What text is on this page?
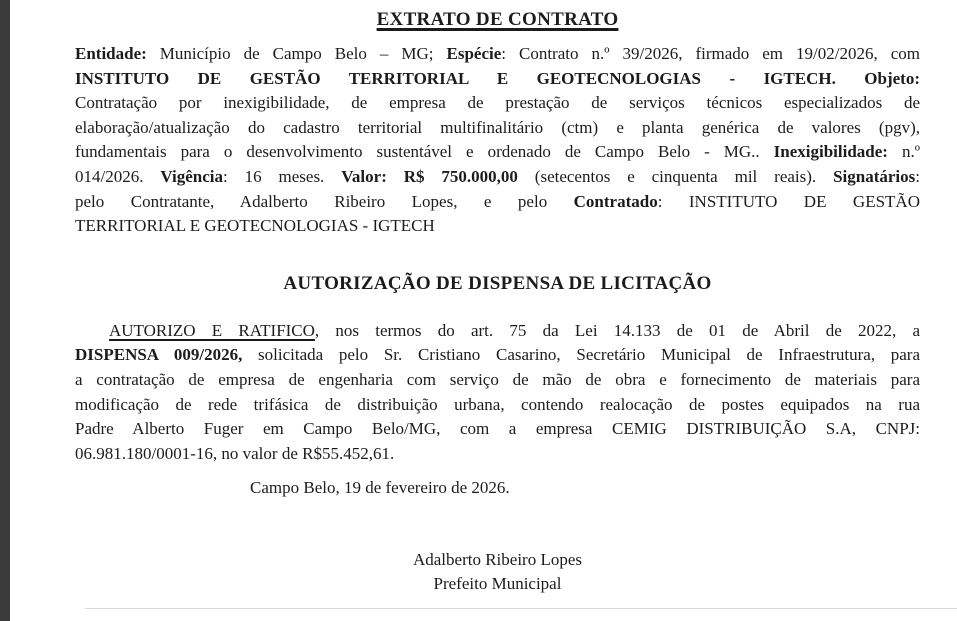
EXTRATO DE CONTRATO
Entidade: Município de Campo Belo – MG; Espécie: Contrato n.º 39/2026, firmado em 19/02/2026, com
INSTITUTO DE GESTÃO TERRITORIAL E GEOTECNOLOGIAS - IGTECH. Objeto:
Contratação por inexigibilidade, de empresa de prestação de serviços técnicos especializados de
elaboração/atualização do cadastro territorial multifinalitário (ctm) e planta genérica de valores (pgv),
fundamentais para o desenvolvimento sustentável e ordenado de Campo Belo - MG.. Inexigibilidade: n.º
014/2026. Vigência: 16 meses. Valor: R$ 750.000,00 (setecentos e cinquenta mil reais). Signatários:
pelo Contratante, Adalberto Ribeiro Lopes, e pelo Contratado: INSTITUTO DE GESTÃO
TERRITORIAL E GEOTECNOLOGIAS - IGTECH
AUTORIZAÇÃO DE DISPENSA DE LICITAÇÃO
AUTORIZO E RATIFICO, nos termos do art. 75 da Lei 14.133 de 01 de Abril de 2022, a
DISPENSA 009/2026, solicitada pelo Sr. Cristiano Casarino, Secretário Municipal de Infraestrutura, para
a contratação de empresa de engenharia com serviço de mão de obra e fornecimento de materiais para
modificação de rede trifásica de distribuição urbana, contendo realocação de postes equipados na rua
Padre Alberto Fuger em Campo Belo/MG, com a empresa CEMIG DISTRIBUIÇÃO S.A, CNPJ:
06.981.180/0001-16, no valor de R$55.452,61.
Campo Belo, 19 de fevereiro de 2026.
Adalberto Ribeiro Lopes
Prefeito Municipal
